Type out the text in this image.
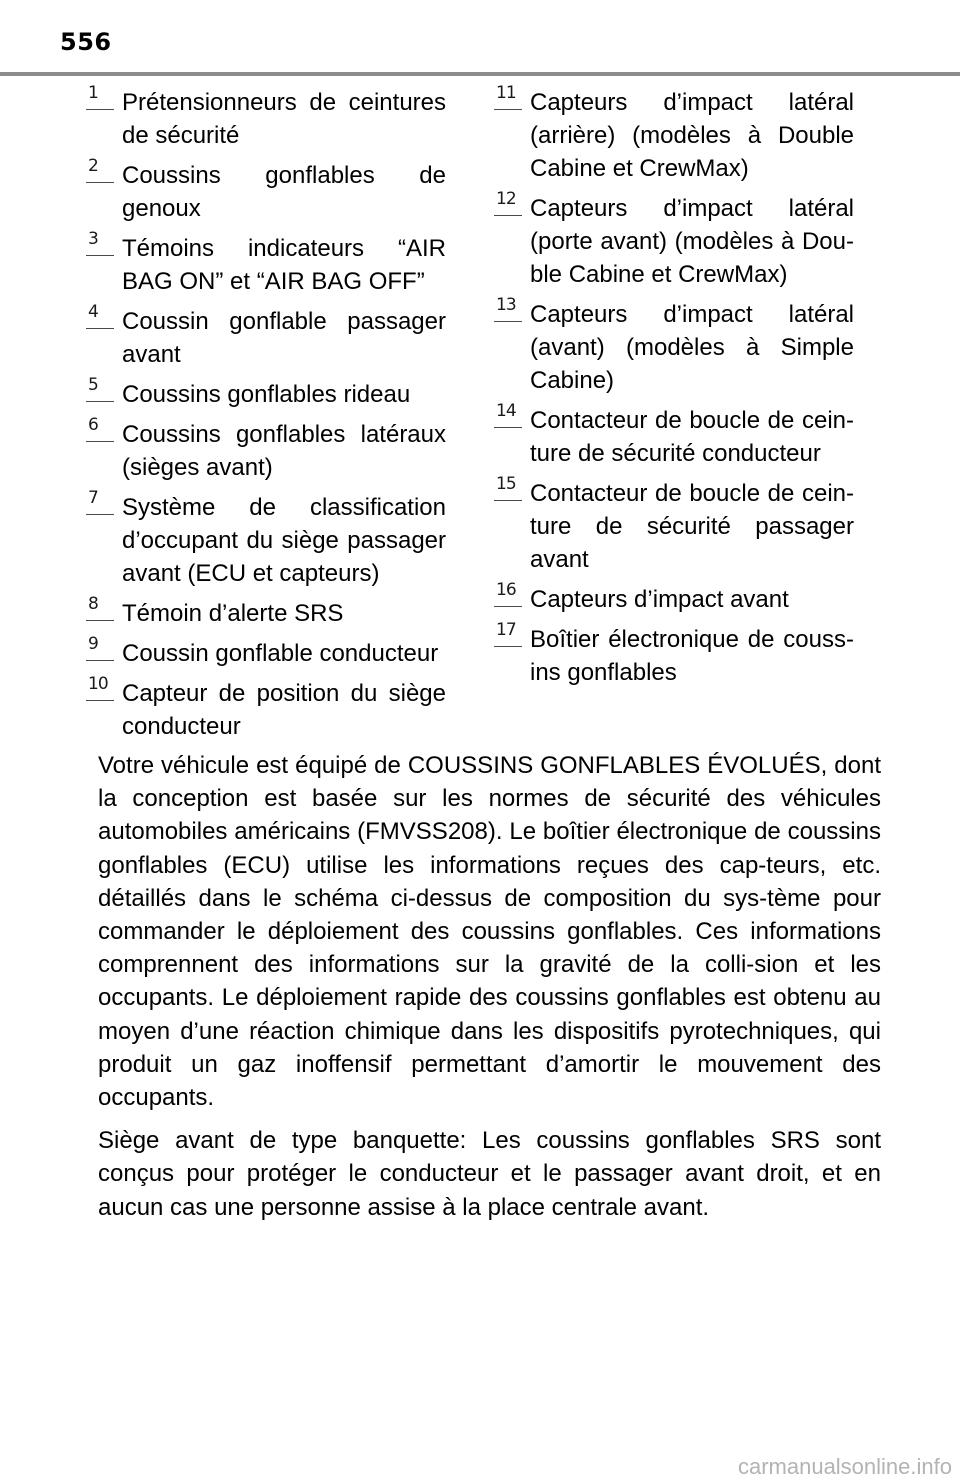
556
1	Prétensionneurs de ceintures de sécurité
2	Coussins gonflables de genoux
3	Témoins indicateurs “AIR BAG ON” et “AIR BAG OFF”
4	Coussin gonflable passager avant
5	Coussins gonflables rideau
6	Coussins gonflables latéraux (sièges avant)
7	Système de classification d’occupant du siège passager avant (ECU et capteurs)
8	Témoin d’alerte SRS
9	Coussin gonflable conducteur
10 Capteur de position du siège conducteur
11 Capteurs d’impact latéral (arrière) (modèles à Double Cabine et CrewMax)
12 Capteurs d’impact latéral (porte avant) (modèles à Dou-ble Cabine et CrewMax)
13 Capteurs d’impact latéral (avant) (modèles à Simple Cabine)
14 Contacteur de boucle de cein-ture de sécurité conducteur
15 Contacteur de boucle de cein-ture de sécurité passager avant
16 Capteurs d’impact avant
17 Boîtier électronique de couss-ins gonflables

Votre véhicule est équipé de COUSSINS GONFLABLES ÉVOLUÉS, dont la conception est basée sur les normes de sécurité des véhicules automobiles américains (FMVSS208). Le boîtier électronique de coussins gonflables (ECU) utilise les informations reçues des cap-teurs, etc. détaillés dans le schéma ci-dessus de composition du sys-tème pour commander le déploiement des coussins gonflables. Ces informations comprennent des informations sur la gravité de la colli-sion et les occupants. Le déploiement rapide des coussins gonflables est obtenu au moyen d’une réaction chimique dans les dispositifs pyrotechniques, qui produit un gaz inoffensif permettant d’amortir le mouvement des occupants.

Siège avant de type banquette: Les coussins gonflables SRS sont conçus pour protéger le conducteur et le passager avant droit, et en aucun cas une personne assise à la place centrale avant.

carmanualsonline.info
